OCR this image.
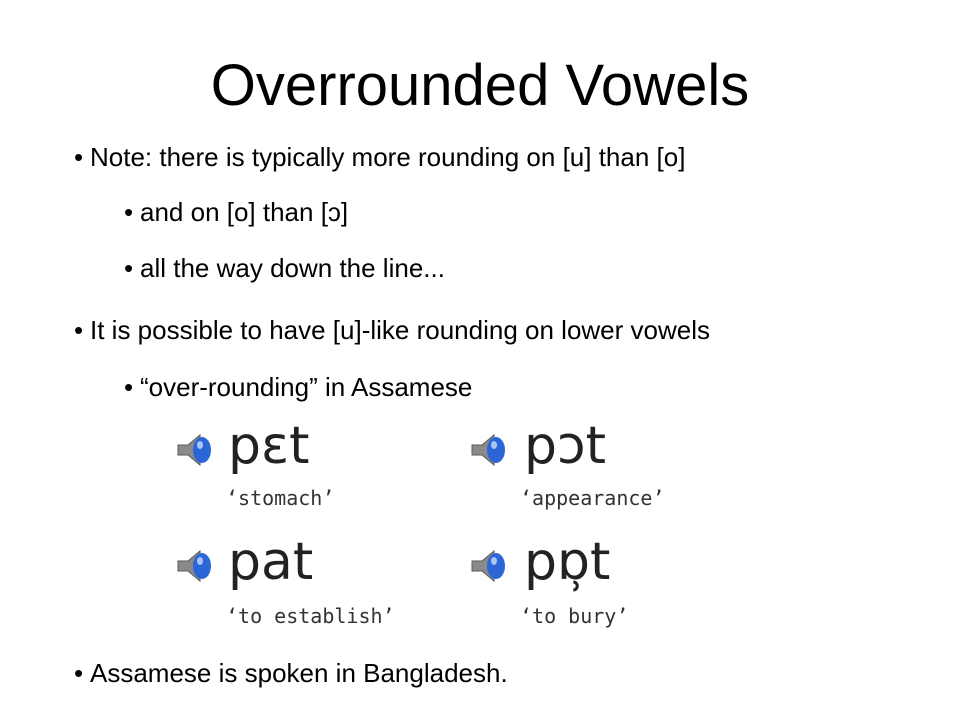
Overrounded Vowels
• Note: there is typically more rounding on [u] than [o]
• and on [o] than [ɔ]
• all the way down the line...
• It is possible to have [u]-like rounding on lower vowels
• “over-rounding” in Assamese
pɛt
‘stomach’
pɔt
‘appearance’
pat
‘to establish’
pɒ̹t
‘to bury’
• Assamese is spoken in Bangladesh.
